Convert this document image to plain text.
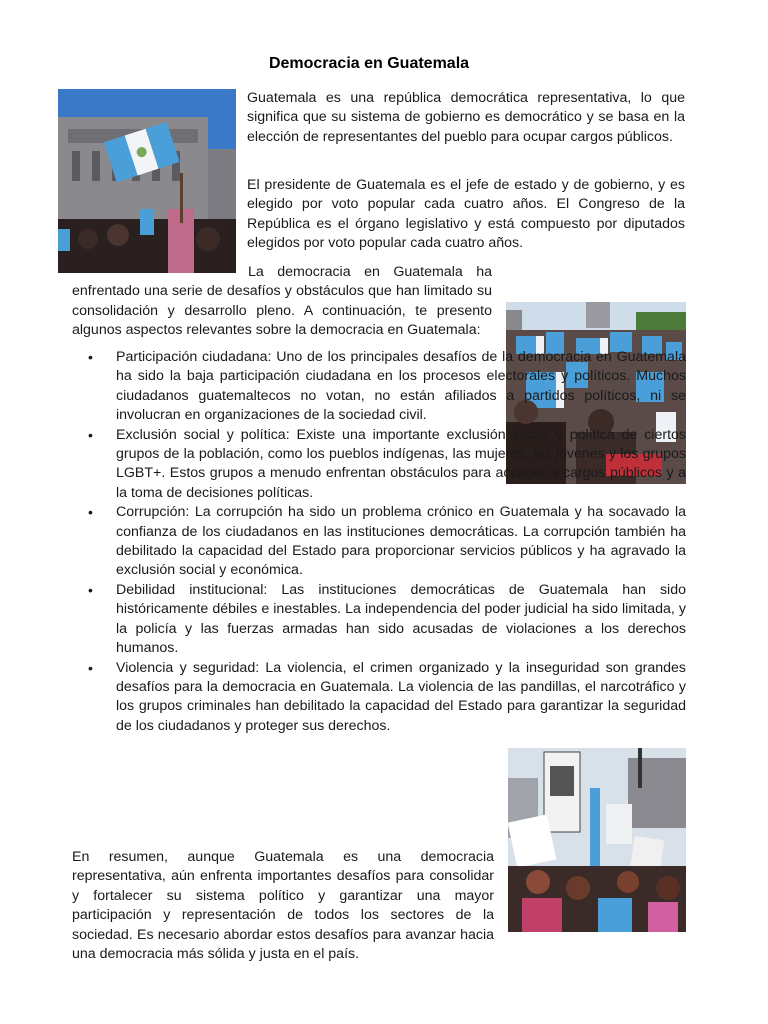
Democracia en Guatemala

Guatemala es una república democrática representativa, lo que significa que su sistema de gobierno es democrático y se basa en la elección de representantes del pueblo para ocupar cargos públicos.

El presidente de Guatemala es el jefe de estado y de gobierno, y es elegido por voto popular cada cuatro años. El Congreso de la República es el órgano legislativo y está compuesto por diputados elegidos por voto popular cada cuatro años.

La democracia en Guatemala ha enfrentado una serie de desafíos y obstáculos que han limitado su consolidación y desarrollo pleno. A continuación, te presento algunos aspectos relevantes sobre la democracia en Guatemala:
• Participación ciudadana: Uno de los principales desafíos de la democracia en Guatemala ha sido la baja participación ciudadana en los procesos electorales y políticos. Muchos ciudadanos guatemaltecos no votan, no están afiliados a partidos políticos, ni se involucran en organizaciones de la sociedad civil.
• Exclusión social y política: Existe una importante exclusión social y política de ciertos grupos de la población, como los pueblos indígenas, las mujeres, los jóvenes y los grupos LGBT+. Estos grupos a menudo enfrentan obstáculos para acceder a cargos públicos y a la toma de decisiones políticas.
• Corrupción: La corrupción ha sido un problema crónico en Guatemala y ha socavado la confianza de los ciudadanos en las instituciones democráticas. La corrupción también ha debilitado la capacidad del Estado para proporcionar servicios públicos y ha agravado la exclusión social y económica.
• Debilidad institucional: Las instituciones democráticas de Guatemala han sido históricamente débiles e inestables. La independencia del poder judicial ha sido limitada, y la policía y las fuerzas armadas han sido acusadas de violaciones a los derechos humanos.
• Violencia y seguridad: La violencia, el crimen organizado y la inseguridad son grandes desafíos para la democracia en Guatemala. La violencia de las pandillas, el narcotráfico y los grupos criminales han debilitado la capacidad del Estado para garantizar la seguridad de los ciudadanos y proteger sus derechos.

En resumen, aunque Guatemala es una democracia representativa, aún enfrenta importantes desafíos para consolidar y fortalecer su sistema político y garantizar una mayor participación y representación de todos los sectores de la sociedad. Es necesario abordar estos desafíos para avanzar hacia una democracia más sólida y justa en el país.
